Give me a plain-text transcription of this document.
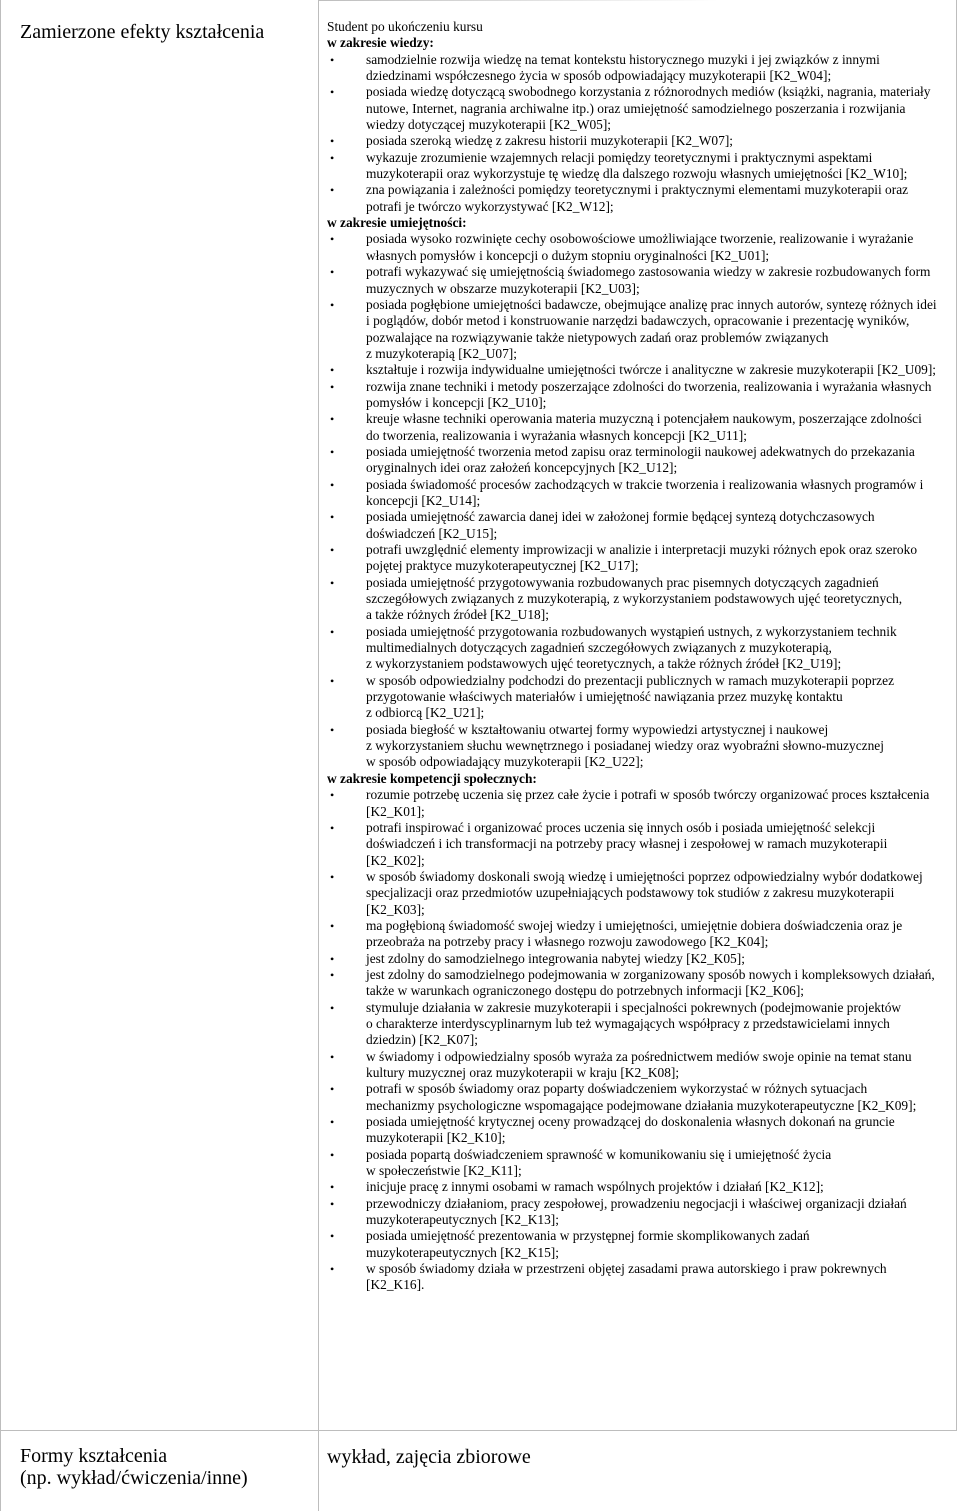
Zamierzone efekty kształcenia	Student po ukończeniu kursu
w zakresie wiedzy:
• samodzielnie rozwija wiedzę na temat kontekstu historycznego muzyki i jej związków z innymi dziedzinami współczesnego życia w sposób odpowiadający muzykoterapii [K2_W04];
• posiada wiedzę dotyczącą swobodnego korzystania z różnorodnych mediów (książki, nagrania, materiały nutowe, Internet, nagrania archiwalne itp.) oraz umiejętność samodzielnego poszerzania i rozwijania wiedzy dotyczącej muzykoterapii [K2_W05];
• posiada szeroką wiedzę z zakresu historii muzykoterapii [K2_W07];
• wykazuje zrozumienie wzajemnych relacji pomiędzy teoretycznymi i praktycznymi aspektami muzykoterapii oraz wykorzystuje tę wiedzę dla dalszego rozwoju własnych umiejętności [K2_W10];
• zna powiązania i zależności pomiędzy teoretycznymi i praktycznymi elementami muzykoterapii oraz potrafi je twórczo wykorzystywać [K2_W12];
w zakresie umiejętności:
• posiada wysoko rozwinięte cechy osobowościowe umożliwiające tworzenie, realizowanie i wyrażanie własnych pomysłów i koncepcji o dużym stopniu oryginalności [K2_U01];
• potrafi wykazywać się umiejętnością świadomego zastosowania wiedzy w zakresie rozbudowanych form muzycznych w obszarze muzykoterapii [K2_U03];
• posiada pogłębione umiejętności badawcze, obejmujące analizę prac innych autorów, syntezę różnych idei i poglądów, dobór metod i konstruowanie narzędzi badawczych, opracowanie i prezentację wyników, pozwalające na rozwiązywanie także nietypowych zadań oraz problemów związanych
z muzykoterapią [K2_U07];
• kształtuje i rozwija indywidualne umiejętności twórcze i analityczne w zakresie muzykoterapii [K2_U09];
• rozwija znane techniki i metody poszerzające zdolności do tworzenia, realizowania i wyrażania własnych pomysłów i koncepcji [K2_U10];
• kreuje własne techniki operowania materia muzyczną i potencjałem naukowym, poszerzające zdolności do tworzenia, realizowania i wyrażania własnych koncepcji [K2_U11];
• posiada umiejętność tworzenia metod zapisu oraz terminologii naukowej adekwatnych do przekazania oryginalnych idei oraz założeń koncepcyjnych [K2_U12];
• posiada świadomość procesów zachodzących w trakcie tworzenia i realizowania własnych programów i koncepcji [K2_U14];
• posiada umiejętność zawarcia danej idei w założonej formie będącej syntezą dotychczasowych doświadczeń [K2_U15];
• potrafi uwzględnić elementy improwizacji w analizie i interpretacji muzyki różnych epok oraz szeroko pojętej praktyce muzykoterapeutycznej [K2_U17];
• posiada umiejętność przygotowywania rozbudowanych prac pisemnych dotyczących zagadnień szczegółowych związanych z muzykoterapią, z wykorzystaniem podstawowych ujęć teoretycznych,
a także różnych źródeł [K2_U18];
• posiada umiejętność przygotowania rozbudowanych wystąpień ustnych, z wykorzystaniem technik multimedialnych dotyczących zagadnień szczegółowych związanych z muzykoterapią,
z wykorzystaniem podstawowych ujęć teoretycznych, a także różnych źródeł [K2_U19];
• w sposób odpowiedzialny podchodzi do prezentacji publicznych w ramach muzykoterapii poprzez przygotowanie właściwych materiałów i umiejętność nawiązania przez muzykę kontaktu
z odbiorcą [K2_U21];
• posiada biegłość w kształtowaniu otwartej formy wypowiedzi artystycznej i naukowej
z wykorzystaniem słuchu wewnętrznego i posiadanej wiedzy oraz wyobraźni słowno-muzycznej
w sposób odpowiadający muzykoterapii [K2_U22];
w zakresie kompetencji społecznych:
• rozumie potrzebę uczenia się przez całe życie i potrafi w sposób twórczy organizować proces kształcenia [K2_K01];
• potrafi inspirować i organizować proces uczenia się innych osób i posiada umiejętność selekcji doświadczeń i ich transformacji na potrzeby pracy własnej i zespołowej w ramach muzykoterapii [K2_K02];
• w sposób świadomy doskonali swoją wiedzę i umiejętności poprzez odpowiedzialny wybór dodatkowej specjalizacji oraz przedmiotów uzupełniających podstawowy tok studiów z zakresu muzykoterapii [K2_K03];
• ma pogłębioną świadomość swojej wiedzy i umiejętności, umiejętnie dobiera doświadczenia oraz je przeobraża na potrzeby pracy i własnego rozwoju zawodowego [K2_K04];
• jest zdolny do samodzielnego integrowania nabytej wiedzy [K2_K05];
• jest zdolny do samodzielnego podejmowania w zorganizowany sposób nowych i kompleksowych działań, także w warunkach ograniczonego dostępu do potrzebnych informacji [K2_K06];
• stymuluje działania w zakresie muzykoterapii i specjalności pokrewnych (podejmowanie projektów
o charakterze interdyscyplinarnym lub też wymagających współpracy z przedstawicielami innych dziedzin) [K2_K07];
• w świadomy i odpowiedzialny sposób wyraża za pośrednictwem mediów swoje opinie na temat stanu kultury muzycznej oraz muzykoterapii w kraju [K2_K08];
• potrafi w sposób świadomy oraz poparty doświadczeniem wykorzystać w różnych sytuacjach mechanizmy psychologiczne wspomagające podejmowane działania muzykoterapeutyczne [K2_K09];
• posiada umiejętność krytycznej oceny prowadzącej do doskonalenia własnych dokonań na gruncie muzykoterapii [K2_K10];
• posiada popartą doświadczeniem sprawność w komunikowaniu się i umiejętność życia
w społeczeństwie [K2_K11];
• inicjuje pracę z innymi osobami w ramach wspólnych projektów i działań [K2_K12];
• przewodniczy działaniom, pracy zespołowej, prowadzeniu negocjacji i właściwej organizacji działań muzykoterapeutycznych [K2_K13];
• posiada umiejętność prezentowania w przystępnej formie skomplikowanych zadań muzykoterapeutycznych [K2_K15];
• w sposób świadomy działa w przestrzeni objętej zasadami prawa autorskiego i praw pokrewnych [K2_K16].
Formy kształcenia
(np. wykład/ćwiczenia/inne)
wykład, zajęcia zbiorowe
